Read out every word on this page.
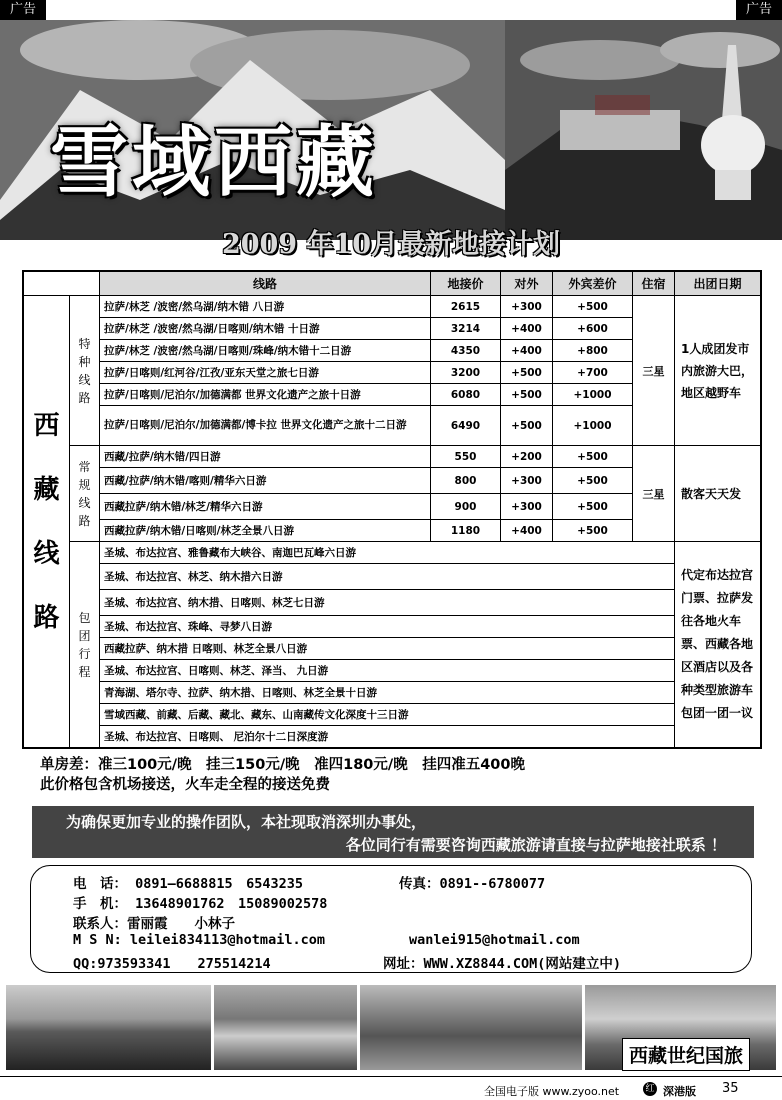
广告	广告
雪域西藏
2009 年10月最新地接计划
		线路	地接价	对外	外宾差价	住宿	出团日期
西藏线路	特种线路	拉萨/林芝 /波密/然乌湖/纳木错 八日游	2615	+300	+500	三星	1人成团发市内旅游大巴，地区越野车
		拉萨/林芝 /波密/然乌湖/日喀则/纳木错 十日游	3214	+400	+600		
		拉萨/林芝 /波密/然乌湖/日喀则/珠峰/纳木错十二日游	4350	+400	+800		
		拉萨/日喀则/红河谷/江孜/亚东天堂之旅七日游	3200	+500	+700		
		拉萨/日喀则/尼泊尔/加德满都 世界文化遗产之旅十日游	6080	+500	+1000		
		拉萨/日喀则/尼泊尔/加德满都/博卡拉 世界文化遗产之旅十二日游	6490	+500	+1000		
	常规线路	西藏/拉萨/纳木错/四日游	550	+200	+500	三星	散客天天发
		西藏/拉萨/纳木错/喀则/精华六日游	800	+300	+500		
		西藏拉萨/纳木错/林芝/精华六日游	900	+300	+500		
		西藏拉萨/纳木错/日喀则/林芝全景八日游	1180	+400	+500		
	包团行程	圣城、布达拉宫、雅鲁藏布大峡谷、南迦巴瓦峰六日游					代定布达拉宫门票、拉萨发往各地火车票、西藏各地区酒店以及各种类型旅游车包团一团一议
		圣城、布达拉宫、林芝、纳木措六日游					
		圣城、布达拉宫、纳木措、日喀则、林芝七日游					
		圣城、布达拉宫、珠峰、寻梦八日游					
		西藏拉萨、纳木措 日喀则、林芝全景八日游					
		圣城、布达拉宫、日喀则、林芝、泽当、 九日游					
		青海湖、塔尔寺、拉萨、纳木措、日喀则、林芝全景十日游					
		雪域西藏、前藏、后藏、藏北、藏东、山南藏传文化深度十三日游					
		圣城、布达拉宫、日喀则、 尼泊尔十二日深度游					
单房差：准三100元/晚　挂三150元/晚　准四180元/晚　挂四准五400晚
此价格包含机场接送，火车走全程的接送免费
为确保更加专业的操作团队，本社现取消深圳办事处，
各位同行有需要咨询西藏旅游请直接与拉萨地接社联系 ！
电　话： 0891—6688815　6543235	传真：0891--6780077
手　机： 13648901762　15089002578
联系人：雷丽霞　　小林子
M S N: leilei834113@hotmail.com	wanlei915@hotmail.com
QQ:973593341　　275514214	网址：WWW.XZ8844.COM(网站建立中)
西藏世纪国旅
全国电子版 www.zyoo.net	红 深港版 35
